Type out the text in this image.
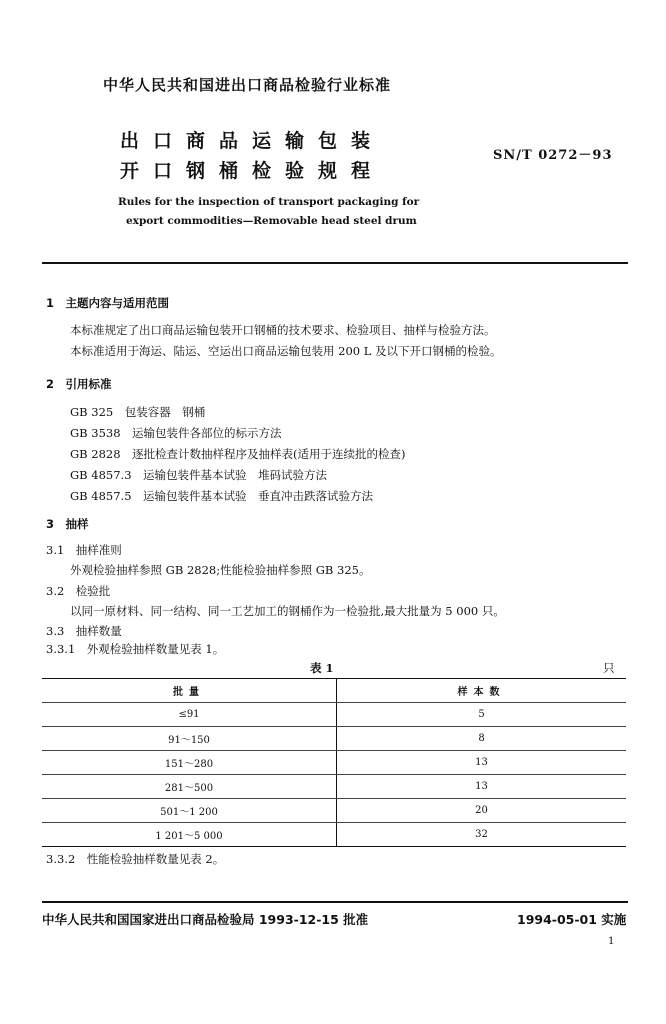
中华人民共和国进出口商品检验行业标准
出口商品运输包装
开口钢桶检验规程
SN/T 0272－93
Rules for the inspection of transport packaging for
export commodities—Removable head steel drum
1　主题内容与适用范围
本标准规定了出口商品运输包装开口钢桶的技术要求、检验项目、抽样与检验方法。
本标准适用于海运、陆运、空运出口商品运输包装用 200 L 及以下开口钢桶的检验。
2　引用标准
GB 325　包装容器　钢桶
GB 3538　运输包装件各部位的标示方法
GB 2828　逐批检查计数抽样程序及抽样表(适用于连续批的检查)
GB 4857.3　运输包装件基本试验　堆码试验方法
GB 4857.5　运输包装件基本试验　垂直冲击跌落试验方法
3　抽样
3.1　抽样准则
外观检验抽样参照 GB 2828;性能检验抽样参照 GB 325。
3.2　检验批
以同一原材料、同一结构、同一工艺加工的钢桶作为一检验批,最大批量为 5 000 只。
3.3　抽样数量
3.3.1　外观检验抽样数量见表 1。
表 1	只
批量	样本数
≤91	5
91～150	8
151～280	13
281～500	13
501～1 200	20
1 201～5 000	32
3.3.2　性能检验抽样数量见表 2。
中华人民共和国国家进出口商品检验局 1993-12-15 批准	1994-05-01 实施
1
